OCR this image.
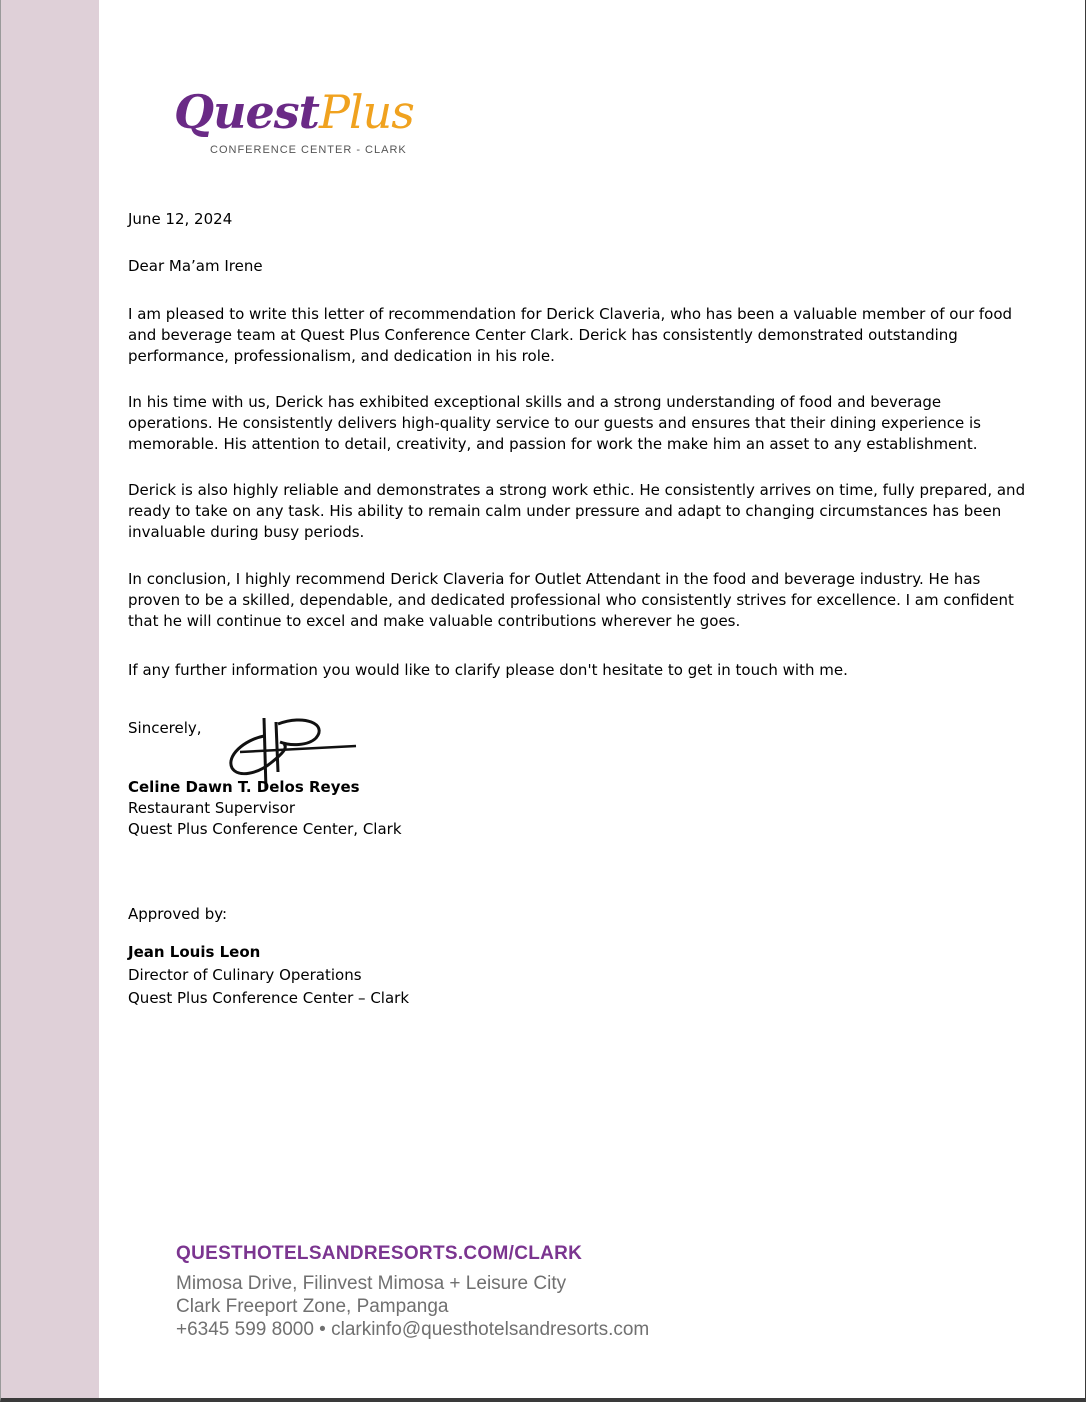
QuestPlus
CONFERENCE CENTER - CLARK

June 12, 2024

Dear Ma’am Irene

I am pleased to write this letter of recommendation for Derick Claveria, who has been a valuable member of our food and beverage team at Quest Plus Conference Center Clark. Derick has consistently demonstrated outstanding performance, professionalism, and dedication in his role.

In his time with us, Derick has exhibited exceptional skills and a strong understanding of food and beverage operations. He consistently delivers high-quality service to our guests and ensures that their dining experience is memorable. His attention to detail, creativity, and passion for work the make him an asset to any establishment.

Derick is also highly reliable and demonstrates a strong work ethic. He consistently arrives on time, fully prepared, and ready to take on any task. His ability to remain calm under pressure and adapt to changing circumstances has been invaluable during busy periods.

In conclusion, I highly recommend Derick Claveria for Outlet Attendant in the food and beverage industry. He has proven to be a skilled, dependable, and dedicated professional who consistently strives for excellence. I am confident that he will continue to excel and make valuable contributions wherever he goes.

If any further information you would like to clarify please don't hesitate to get in touch with me.

Sincerely,

Celine Dawn T. Delos Reyes

Restaurant Supervisor

Quest Plus Conference Center, Clark

Approved by:

Jean Louis Leon

Director of Culinary Operations

Quest Plus Conference Center – Clark

QUESTHOTELSANDRESORTS.COM/CLARK
Mimosa Drive, Filinvest Mimosa + Leisure City
Clark Freeport Zone, Pampanga
+6345 599 8000 • clarkinfo@questhotelsandresorts.com
